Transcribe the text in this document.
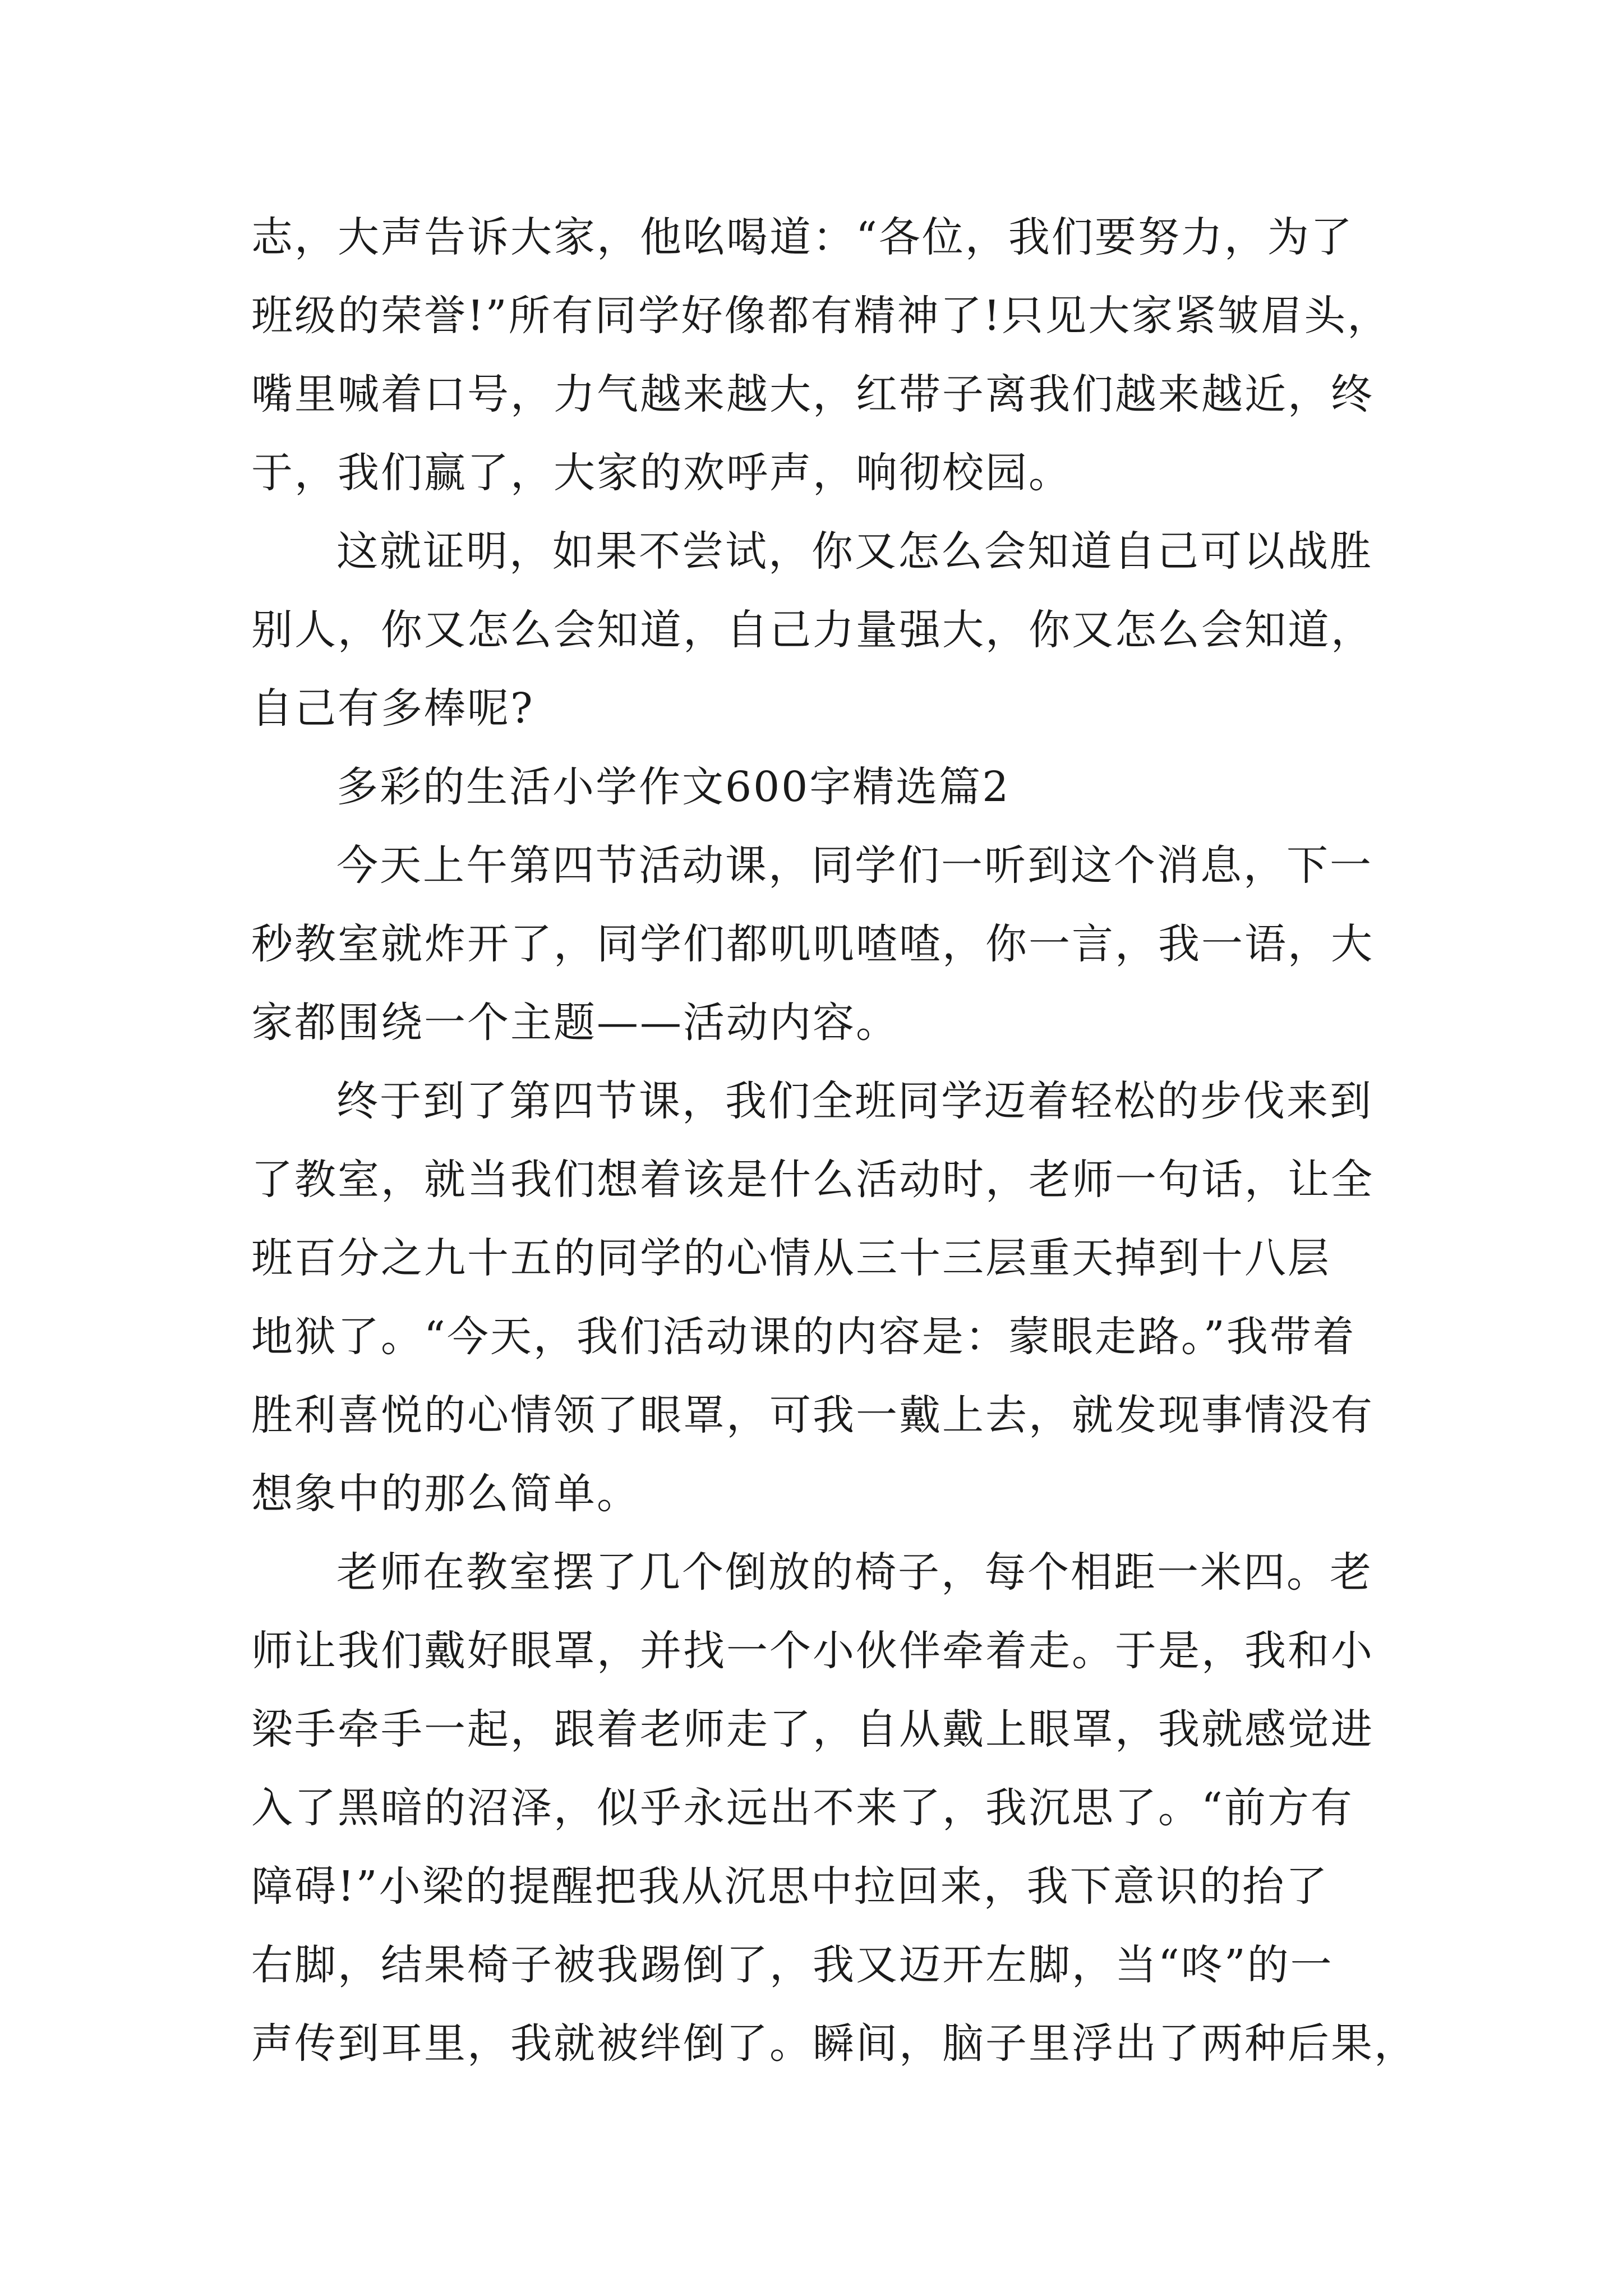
志，大声告诉大家，他吆喝道：“各位，我们要努力，为了
班级的荣誉!”所有同学好像都有精神了!只见大家紧皱眉头，
嘴里喊着口号，力气越来越大，红带子离我们越来越近，终
于，我们赢了，大家的欢呼声，响彻校园。
这就证明，如果不尝试，你又怎么会知道自己可以战胜
别人，你又怎么会知道，自己力量强大，你又怎么会知道，
自己有多棒呢?
多彩的生活小学作文600字精选篇2
今天上午第四节活动课，同学们一听到这个消息，下一
秒教室就炸开了，同学们都叽叽喳喳，你一言，我一语，大
家都围绕一个主题——活动内容。
终于到了第四节课，我们全班同学迈着轻松的步伐来到
了教室，就当我们想着该是什么活动时，老师一句话，让全
班百分之九十五的同学的心情从三十三层重天掉到十八层
地狱了。“今天，我们活动课的内容是：蒙眼走路。”我带着
胜利喜悦的心情领了眼罩，可我一戴上去，就发现事情没有
想象中的那么简单。
老师在教室摆了几个倒放的椅子，每个相距一米四。老
师让我们戴好眼罩，并找一个小伙伴牵着走。于是，我和小
梁手牵手一起，跟着老师走了，自从戴上眼罩，我就感觉进
入了黑暗的沼泽，似乎永远出不来了，我沉思了。“前方有
障碍!”小梁的提醒把我从沉思中拉回来，我下意识的抬了
右脚，结果椅子被我踢倒了，我又迈开左脚，当“咚”的一
声传到耳里，我就被绊倒了。瞬间，脑子里浮出了两种后果，
